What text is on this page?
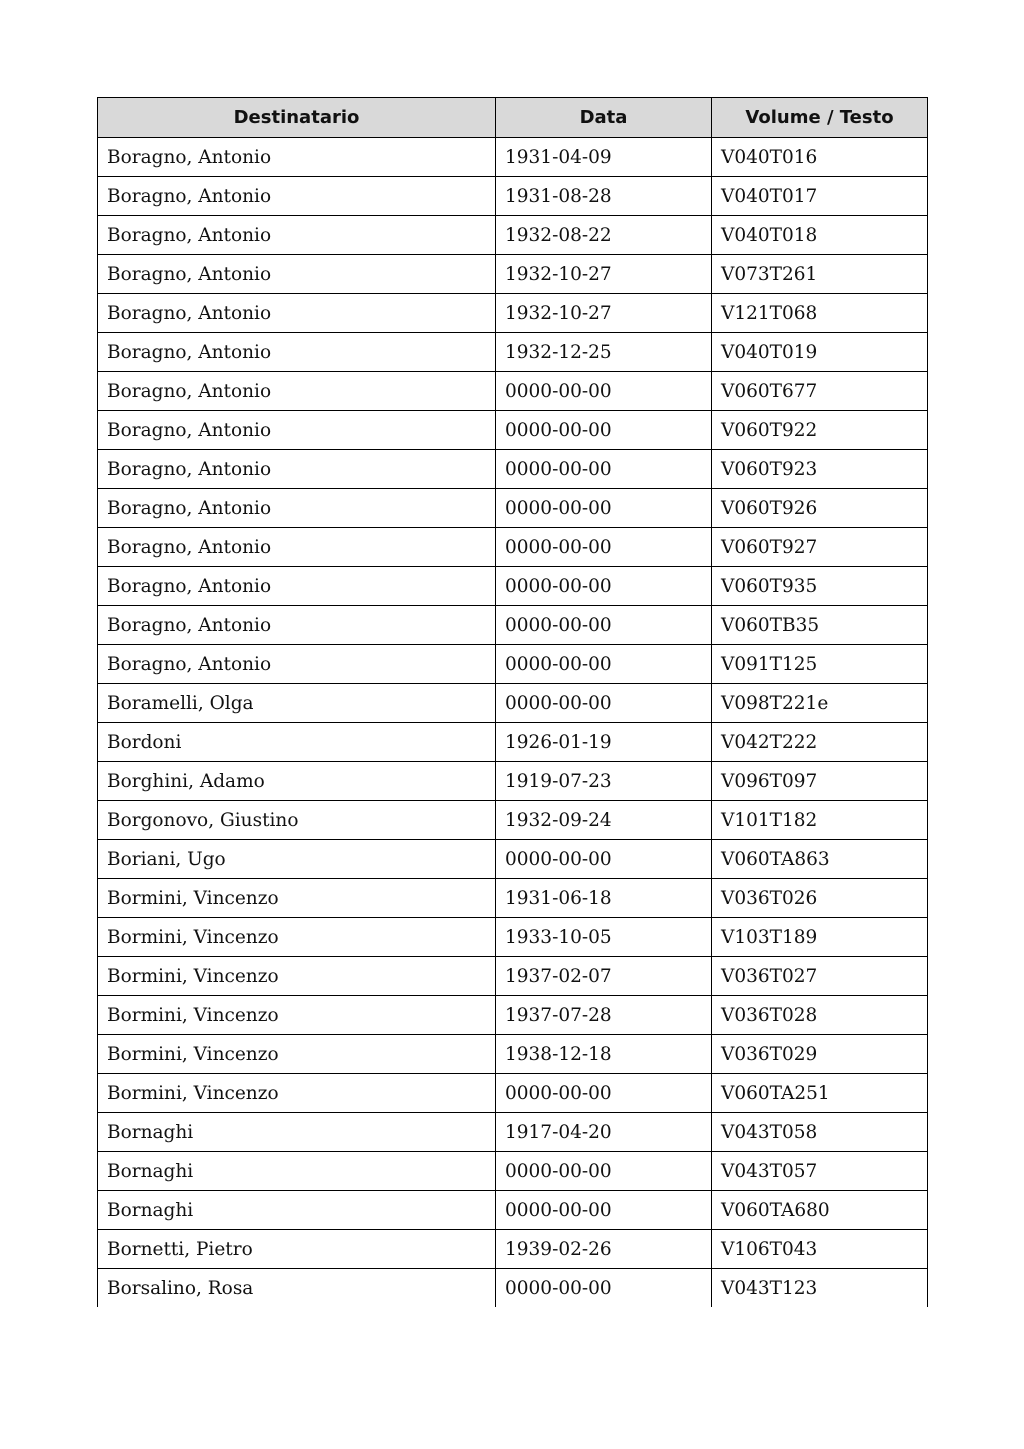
Destinatario	Data	Volume / Testo
Boragno, Antonio	1931-04-09	V040T016
Boragno, Antonio	1931-08-28	V040T017
Boragno, Antonio	1932-08-22	V040T018
Boragno, Antonio	1932-10-27	V073T261
Boragno, Antonio	1932-10-27	V121T068
Boragno, Antonio	1932-12-25	V040T019
Boragno, Antonio	0000-00-00	V060T677
Boragno, Antonio	0000-00-00	V060T922
Boragno, Antonio	0000-00-00	V060T923
Boragno, Antonio	0000-00-00	V060T926
Boragno, Antonio	0000-00-00	V060T927
Boragno, Antonio	0000-00-00	V060T935
Boragno, Antonio	0000-00-00	V060TB35
Boragno, Antonio	0000-00-00	V091T125
Boramelli, Olga	0000-00-00	V098T221e
Bordoni	1926-01-19	V042T222
Borghini, Adamo	1919-07-23	V096T097
Borgonovo, Giustino	1932-09-24	V101T182
Boriani, Ugo	0000-00-00	V060TA863
Bormini, Vincenzo	1931-06-18	V036T026
Bormini, Vincenzo	1933-10-05	V103T189
Bormini, Vincenzo	1937-02-07	V036T027
Bormini, Vincenzo	1937-07-28	V036T028
Bormini, Vincenzo	1938-12-18	V036T029
Bormini, Vincenzo	0000-00-00	V060TA251
Bornaghi	1917-04-20	V043T058
Bornaghi	0000-00-00	V043T057
Bornaghi	0000-00-00	V060TA680
Bornetti, Pietro	1939-02-26	V106T043
Borsalino, Rosa	0000-00-00	V043T123
